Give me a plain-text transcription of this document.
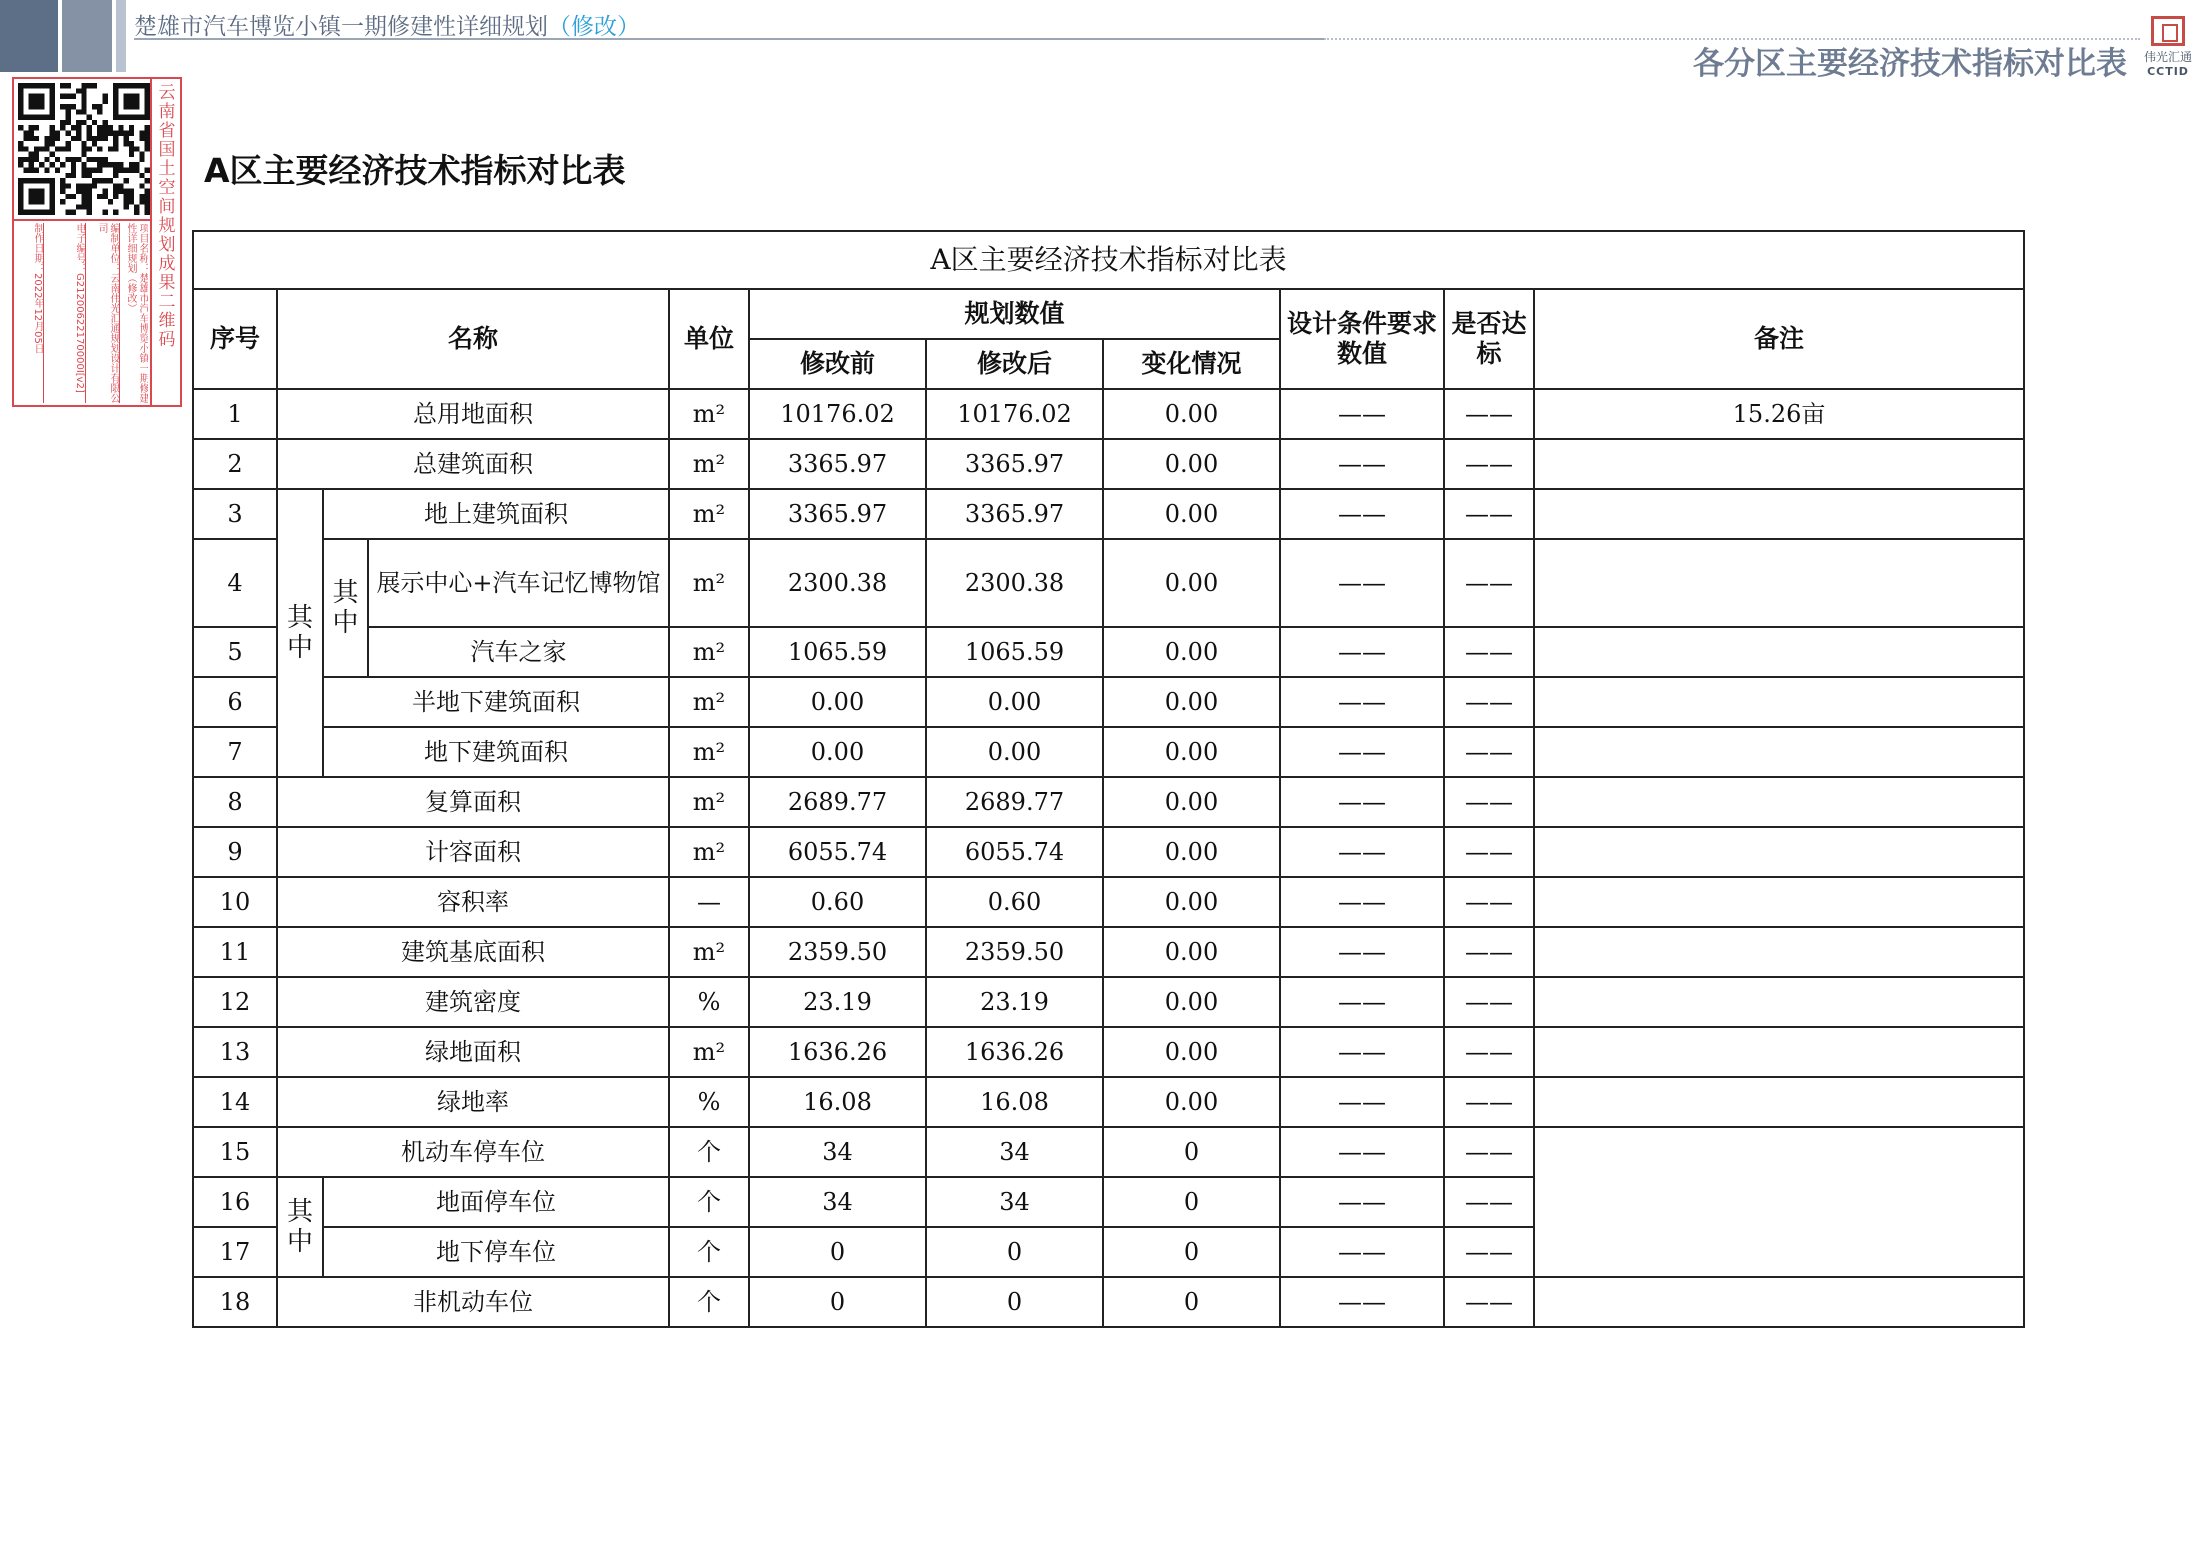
楚雄市汽车博览小镇一期修建性详细规划（修改）
各分区主要经济技术指标对比表	伟光汇通
CCTID
云南省国土空间规划成果二维码
制作日期：2022年12月05日	电子编号：G21200622170000I[v2]	编制单位：云南伟光汇通规划设计有限公司	项目名称：楚雄市汽车博览小镇一期修建性详细规划（修改）
A区主要经济技术指标对比表
A区主要经济技术指标对比表										
序号	名称			单位	规划数值			设计条件要求数值	是否达标	备注
					修改前	修改后	变化情况			
1	总用地面积			m²	10176.02	10176.02	0.00	——	——	15.26亩
2	总建筑面积			m²	3365.97	3365.97	0.00	——	——	
3	其中	地上建筑面积		m²	3365.97	3365.97	0.00	——	——	
4		其中	展示中心+汽车记忆博物馆	m²	2300.38	2300.38	0.00	——	——	
5			汽车之家	m²	1065.59	1065.59	0.00	——	——	
6		半地下建筑面积		m²	0.00	0.00	0.00	——	——	
7		地下建筑面积		m²	0.00	0.00	0.00	——	——	
8	复算面积			m²	2689.77	2689.77	0.00	——	——	
9	计容面积			m²	6055.74	6055.74	0.00	——	——	
10	容积率			—	0.60	0.60	0.00	——	——	
11	建筑基底面积			m²	2359.50	2359.50	0.00	——	——	
12	建筑密度			%	23.19	23.19	0.00	——	——	
13	绿地面积			m²	1636.26	1636.26	0.00	——	——	
14	绿地率			%	16.08	16.08	0.00	——	——	
15	机动车停车位			个	34	34	0	——	——	
16	其中	地面停车位		个	34	34	0	——	——	
17		地下停车位		个	0	0	0	——	——	
18	非机动车位			个	0	0	0	——	——	
